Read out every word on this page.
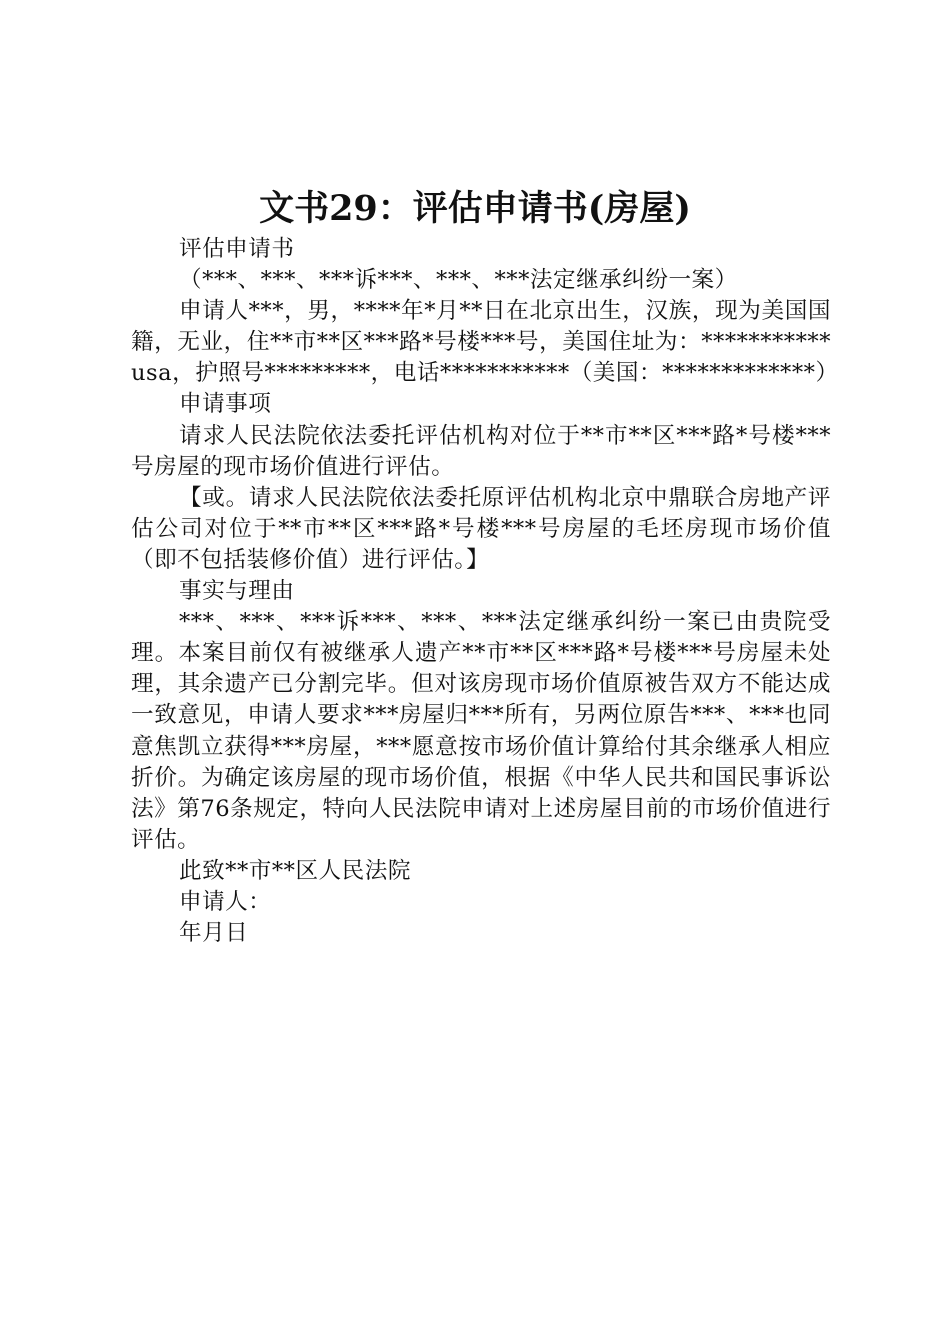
文书29：评估申请书(房屋)

评估申请书

（***、***、***诉***、***、***法定继承纠纷一案）

申请人***，男，****年*月**日在北京出生，汉族，现为美国国籍，无业，住**市**区***路*号楼***号，美国住址为：***********usa，护照号*********，电话***********（美国：*************）

申请事项

请求人民法院依法委托评估机构对位于**市**区***路*号楼***号房屋的现市场价值进行评估。

【或。请求人民法院依法委托原评估机构北京中鼎联合房地产评估公司对位于**市**区***路*号楼***号房屋的毛坯房现市场价值（即不包括装修价值）进行评估。】

事实与理由

***、***、***诉***、***、***法定继承纠纷一案已由贵院受理。本案目前仅有被继承人遗产**市**区***路*号楼***号房屋未处理，其余遗产已分割完毕。但对该房现市场价值原被告双方不能达成一致意见，申请人要求***房屋归***所有，另两位原告***、***也同意焦凯立获得***房屋，***愿意按市场价值计算给付其余继承人相应折价。为确定该房屋的现市场价值，根据《中华人民共和国民事诉讼法》第76条规定，特向人民法院申请对上述房屋目前的市场价值进行评估。

此致**市**区人民法院

申请人：

年月日
